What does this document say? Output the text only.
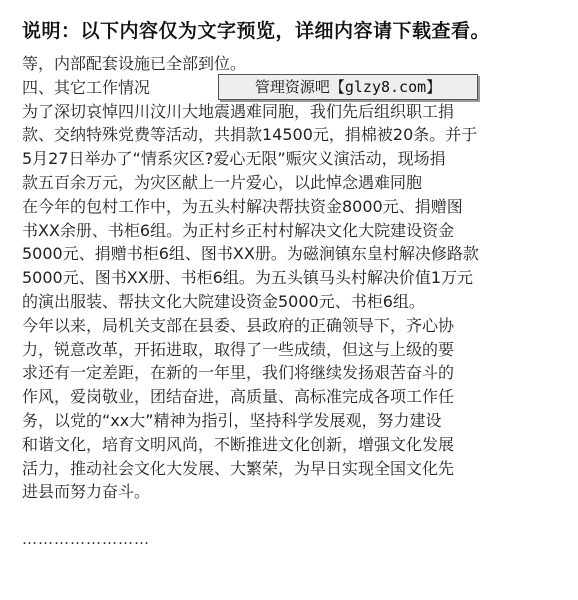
说明：以下内容仅为文字预览，详细内容请下载查看。
等，内部配套设施已全部到位。
四、其它工作情况
为了深切哀悼四川汶川大地震遇难同胞，我们先后组织职工捐
款、交纳特殊党费等活动，共捐款14500元，捐棉被20条。并于
5月27日举办了“情系灾区?爱心无限”赈灾义演活动，现场捐
款五百余万元，为灾区献上一片爱心，以此悼念遇难同胞
在今年的包村工作中，为五头村解决帮扶资金8000元、捐赠图
书XX余册、书柜6组。为正村乡正村村解决文化大院建设资金
5000元、捐赠书柜6组、图书XX册。为磁涧镇东皇村解决修路款
5000元、图书XX册、书柜6组。为五头镇马头村解决价值1万元
的演出服装、帮扶文化大院建设资金5000元、书柜6组。
今年以来，局机关支部在县委、县政府的正确领导下，齐心协
力，锐意改革，开拓进取，取得了一些成绩，但这与上级的要
求还有一定差距，在新的一年里，我们将继续发扬艰苦奋斗的
作风，爱岗敬业，团结奋进，高质量、高标准完成各项工作任
务，以党的“xx大”精神为指引，坚持科学发展观，努力建设
和谐文化，培育文明风尚，不断推进文化创新，增强文化发展
活力，推动社会文化大发展、大繁荣，为早日实现全国文化先
进县而努力奋斗。
管理资源吧【glzy8.com】
……………………
